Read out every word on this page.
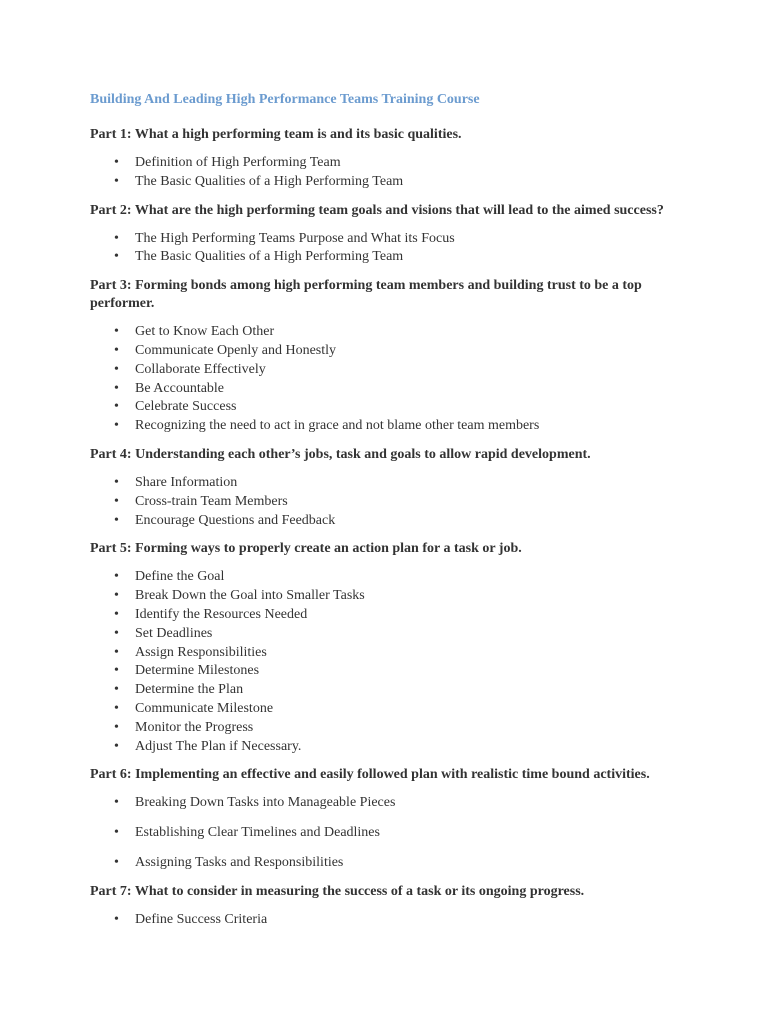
Building And Leading High Performance Teams Training Course
Part 1: What a high performing team is and its basic qualities.
• Definition of High Performing Team
• The Basic Qualities of a High Performing Team
Part 2: What are the high performing team goals and visions that will lead to the aimed success?
• The High Performing Teams Purpose and What its Focus
• The Basic Qualities of a High Performing Team
Part 3: Forming bonds among high performing team members and building trust to be a top performer.
• Get to Know Each Other
• Communicate Openly and Honestly
• Collaborate Effectively
• Be Accountable
• Celebrate Success
• Recognizing the need to act in grace and not blame other team members
Part 4: Understanding each other’s jobs, task and goals to allow rapid development.
• Share Information
• Cross-train Team Members
• Encourage Questions and Feedback
Part 5: Forming ways to properly create an action plan for a task or job.
• Define the Goal
• Break Down the Goal into Smaller Tasks
• Identify the Resources Needed
• Set Deadlines
• Assign Responsibilities
• Determine Milestones
• Determine the Plan
• Communicate Milestone
• Monitor the Progress
• Adjust The Plan if Necessary.
Part 6: Implementing an effective and easily followed plan with realistic time bound activities.
• Breaking Down Tasks into Manageable Pieces
• Establishing Clear Timelines and Deadlines
• Assigning Tasks and Responsibilities
Part 7: What to consider in measuring the success of a task or its ongoing progress.
• Define Success Criteria
